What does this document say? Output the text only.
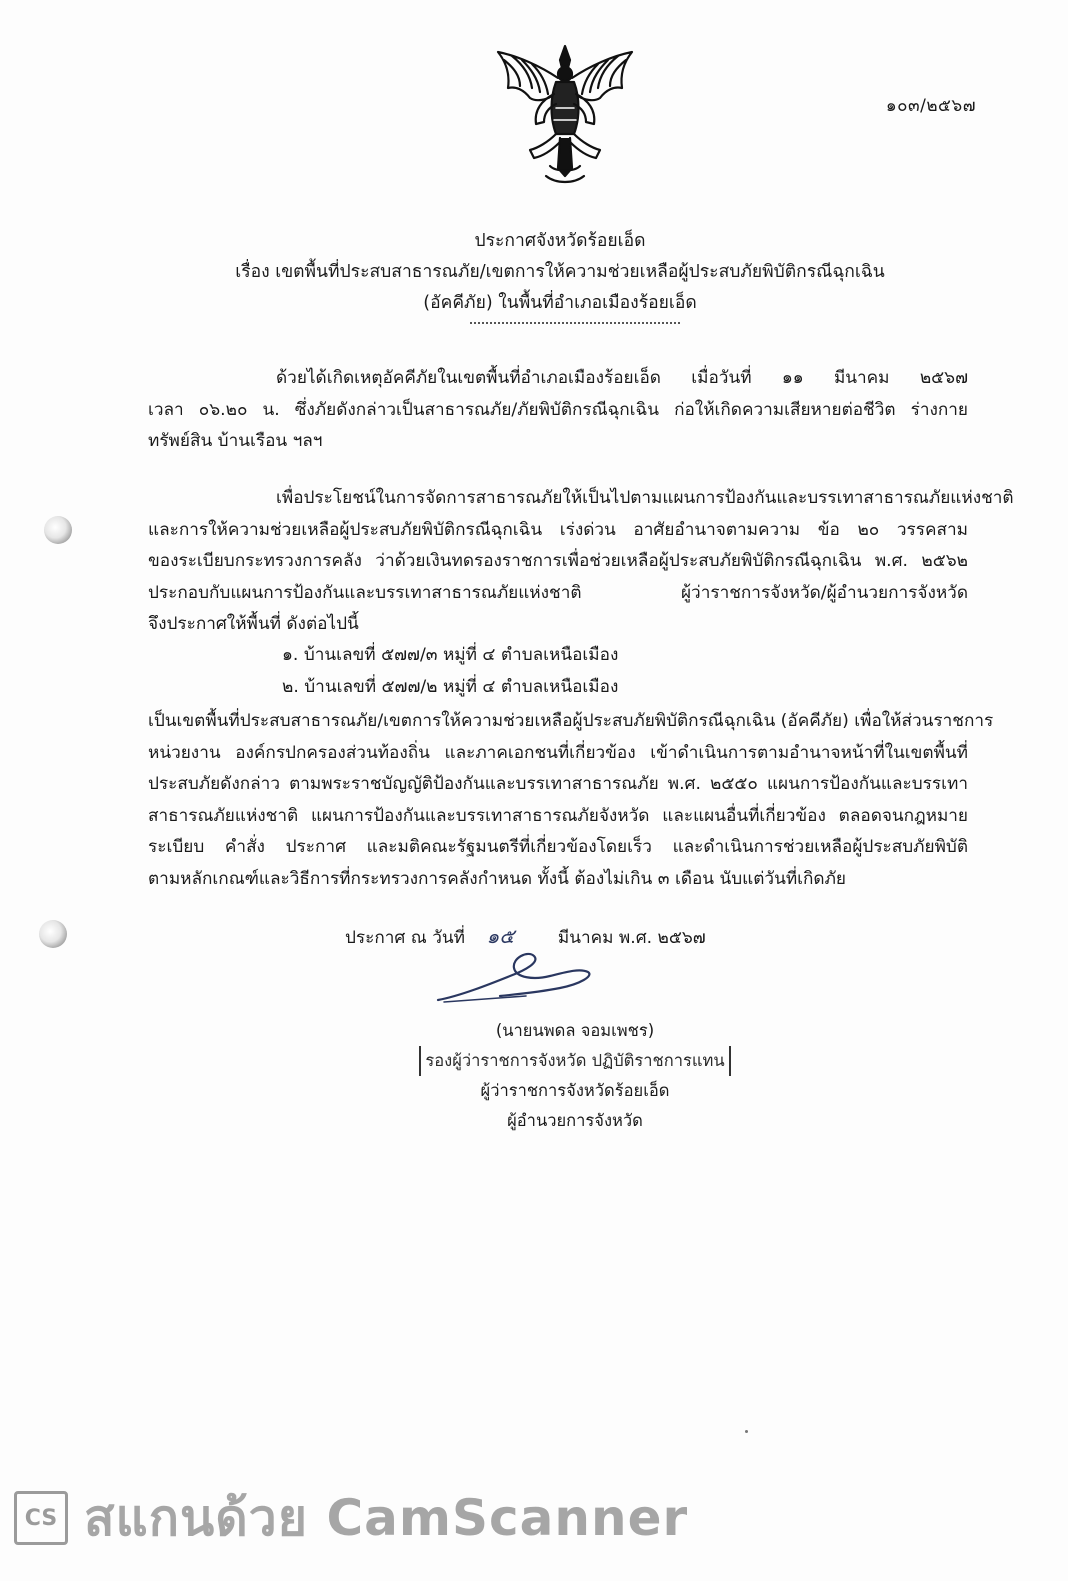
๑๐๓/๒๕๖๗
ประกาศจังหวัดร้อยเอ็ด
เรื่อง เขตพื้นที่ประสบสาธารณภัย/เขตการให้ความช่วยเหลือผู้ประสบภัยพิบัติกรณีฉุกเฉิน
(อัคคีภัย) ในพื้นที่อำเภอเมืองร้อยเอ็ด
ด้วยได้เกิดเหตุอัคคีภัยในเขตพื้นที่อำเภอเมืองร้อยเอ็ด เมื่อวันที่ ๑๑ มีนาคม ๒๕๖๗
เวลา ๐๖.๒๐ น. ซึ่งภัยดังกล่าวเป็นสาธารณภัย/ภัยพิบัติกรณีฉุกเฉิน ก่อให้เกิดความเสียหายต่อชีวิต ร่างกาย
ทรัพย์สิน บ้านเรือน ฯลฯ
เพื่อประโยชน์ในการจัดการสาธารณภัยให้เป็นไปตามแผนการป้องกันและบรรเทาสาธารณภัยแห่งชาติ
และการให้ความช่วยเหลือผู้ประสบภัยพิบัติกรณีฉุกเฉิน เร่งด่วน อาศัยอำนาจตามความ ข้อ ๒๐ วรรคสาม
ของระเบียบกระทรวงการคลัง ว่าด้วยเงินทดรองราชการเพื่อช่วยเหลือผู้ประสบภัยพิบัติกรณีฉุกเฉิน พ.ศ. ๒๕๖๒
ประกอบกับแผนการป้องกันและบรรเทาสาธารณภัยแห่งชาติ ผู้ว่าราชการจังหวัด/ผู้อำนวยการจังหวัด
จึงประกาศให้พื้นที่ ดังต่อไปนี้
๑. บ้านเลขที่ ๕๗๗/๓ หมู่ที่ ๔ ตำบลเหนือเมือง
๒. บ้านเลขที่ ๕๗๗/๒ หมู่ที่ ๔ ตำบลเหนือเมือง
เป็นเขตพื้นที่ประสบสาธารณภัย/เขตการให้ความช่วยเหลือผู้ประสบภัยพิบัติกรณีฉุกเฉิน (อัคคีภัย) เพื่อให้ส่วนราชการ
หน่วยงาน องค์กรปกครองส่วนท้องถิ่น และภาคเอกชนที่เกี่ยวข้อง เข้าดำเนินการตามอำนาจหน้าที่ในเขตพื้นที่
ประสบภัยดังกล่าว ตามพระราชบัญญัติป้องกันและบรรเทาสาธารณภัย พ.ศ. ๒๕๕๐ แผนการป้องกันและบรรเทา
สาธารณภัยแห่งชาติ แผนการป้องกันและบรรเทาสาธารณภัยจังหวัด และแผนอื่นที่เกี่ยวข้อง ตลอดจนกฎหมาย
ระเบียบ คำสั่ง ประกาศ และมติคณะรัฐมนตรีที่เกี่ยวข้องโดยเร็ว และดำเนินการช่วยเหลือผู้ประสบภัยพิบัติ
ตามหลักเกณฑ์และวิธีการที่กระทรวงการคลังกำหนด ทั้งนี้ ต้องไม่เกิน ๓ เดือน นับแต่วันที่เกิดภัย
ประกาศ ณ วันที่ ๑๕	มีนาคม พ.ศ. ๒๕๖๗
(นายนพดล จอมเพชร)
รองผู้ว่าราชการจังหวัด ปฏิบัติราชการแทน
ผู้ว่าราชการจังหวัดร้อยเอ็ด
ผู้อำนวยการจังหวัด
CS สแกนด้วย CamScanner
